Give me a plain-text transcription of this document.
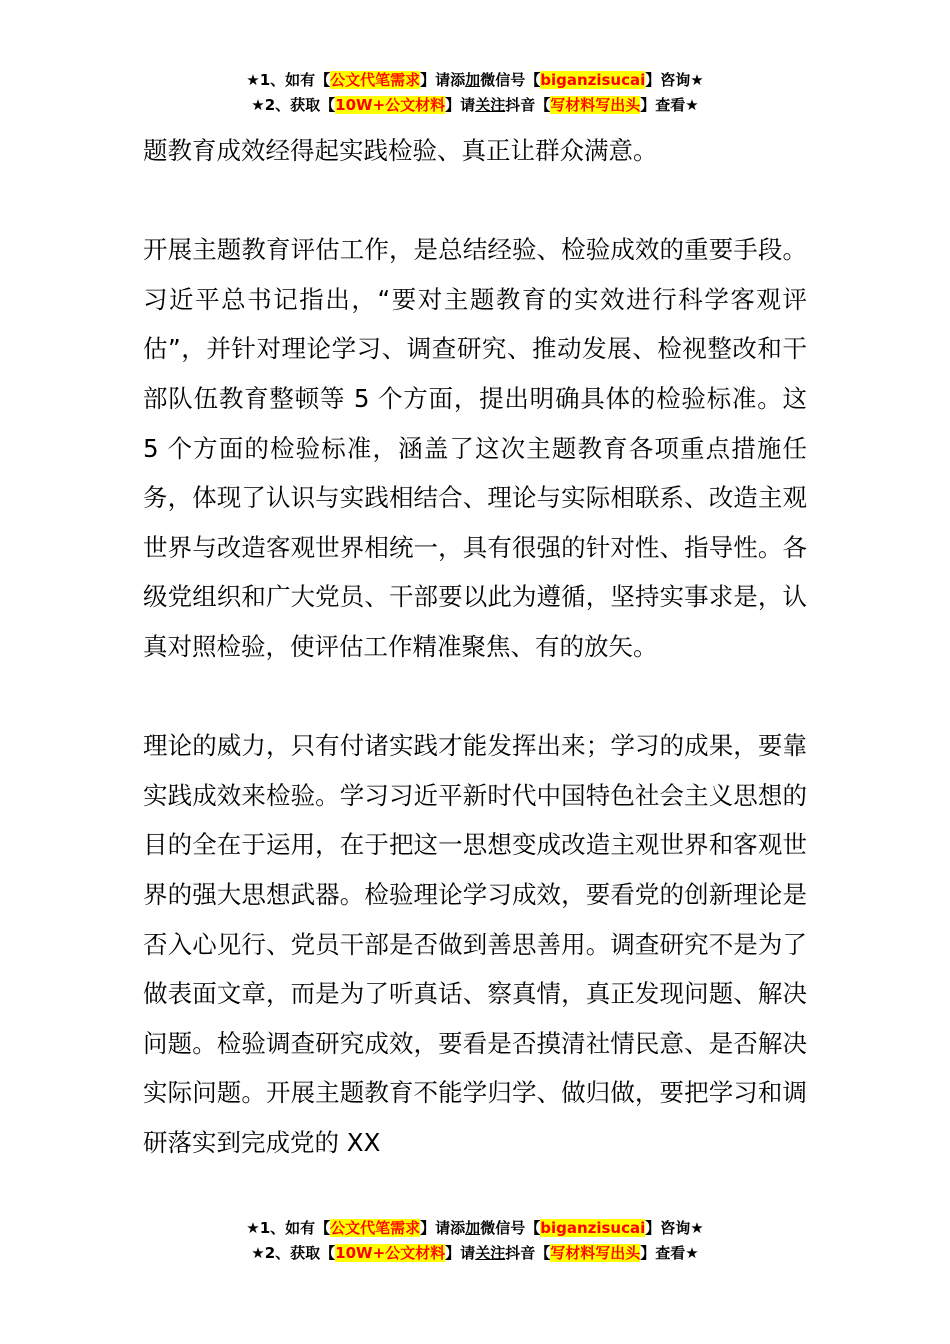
★1、如有【公文代笔需求】请添加微信号【biganzisucai】咨询★
★2、获取【10W+公文材料】请关注抖音【写材料写出头】查看★

题教育成效经得起实践检验、真正让群众满意。

开展主题教育评估工作，是总结经验、检验成效的重要手段。习近平总书记指出，“要对主题教育的实效进行科学客观评估”，并针对理论学习、调查研究、推动发展、检视整改和干部队伍教育整顿等 5 个方面，提出明确具体的检验标准。这 5 个方面的检验标准，涵盖了这次主题教育各项重点措施任务，体现了认识与实践相结合、理论与实际相联系、改造主观世界与改造客观世界相统一，具有很强的针对性、指导性。各级党组织和广大党员、干部要以此为遵循，坚持实事求是，认真对照检验，使评估工作精准聚焦、有的放矢。

理论的威力，只有付诸实践才能发挥出来；学习的成果，要靠实践成效来检验。学习习近平新时代中国特色社会主义思想的目的全在于运用，在于把这一思想变成改造主观世界和客观世界的强大思想武器。检验理论学习成效，要看党的创新理论是否入心见行、党员干部是否做到善思善用。调查研究不是为了做表面文章，而是为了听真话、察真情，真正发现问题、解决问题。检验调查研究成效，要看是否摸清社情民意、是否解决实际问题。开展主题教育不能学归学、做归做，要把学习和调研落实到完成党的 XX

★1、如有【公文代笔需求】请添加微信号【biganzisucai】咨询★
★2、获取【10W+公文材料】请关注抖音【写材料写出头】查看★
